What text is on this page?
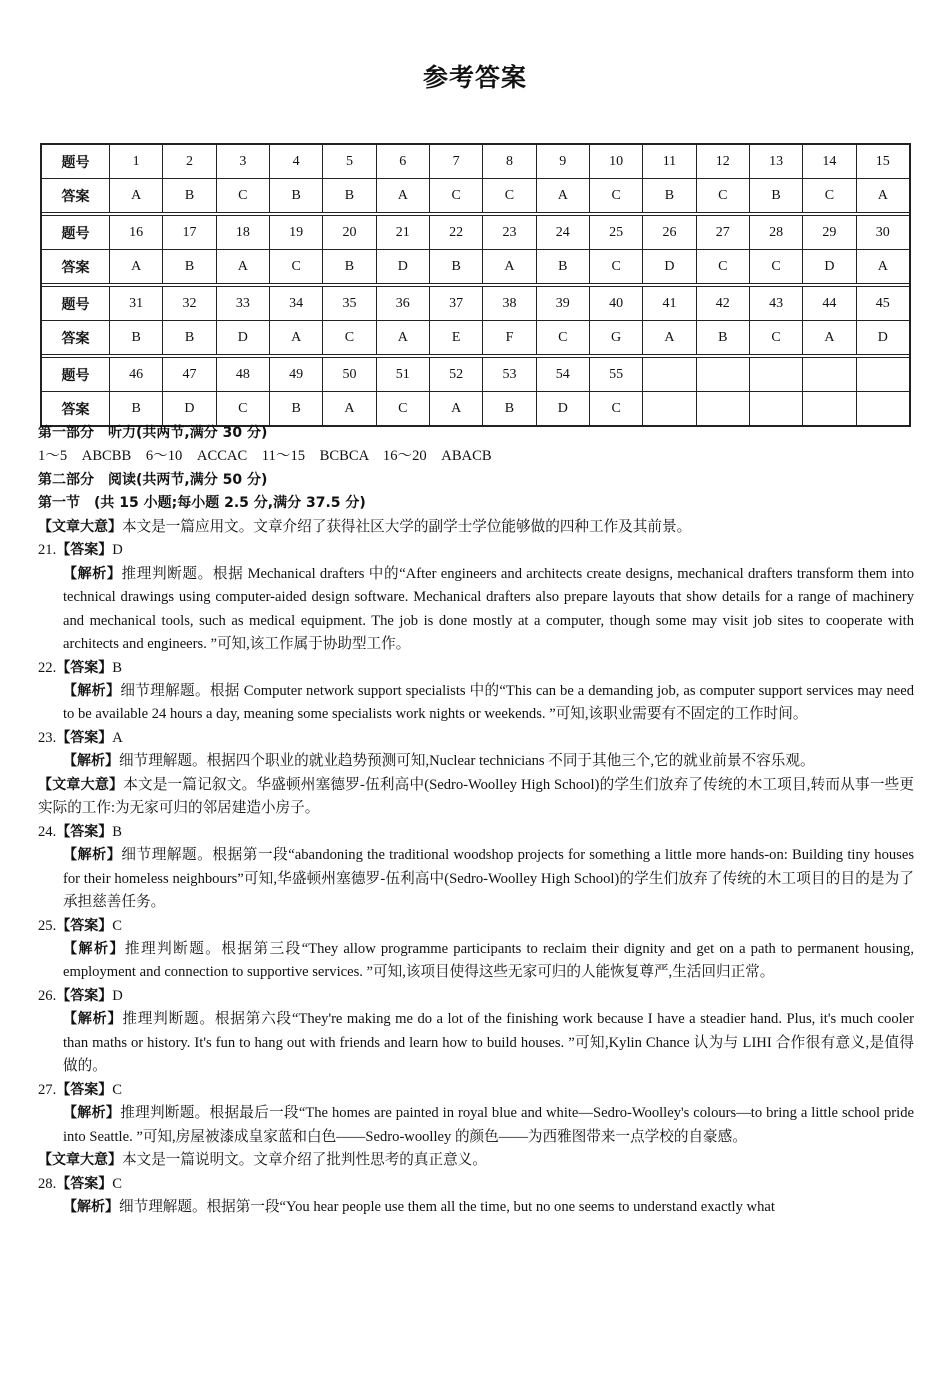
参考答案
题号	1	2	3	4	5	6	7	8	9	10	11	12	13	14	15
答案	A	B	C	B	B	A	C	C	A	C	B	C	B	C	A
题号	16	17	18	19	20	21	22	23	24	25	26	27	28	29	30
答案	A	B	A	C	B	D	B	A	B	C	D	C	C	D	A
题号	31	32	33	34	35	36	37	38	39	40	41	42	43	44	45
答案	B	B	D	A	C	A	E	F	C	G	A	B	C	A	D
题号	46	47	48	49	50	51	52	53	54	55
答案	B	D	C	B	A	C	A	B	D	C

第一部分　听力(共两节,满分 30 分)

1～5　ABCBB　6～10　ACCAC　11～15　BCBCA　16～20　ABACB

第二部分　阅读(共两节,满分 50 分)

第一节　(共 15 小题;每小题 2.5 分,满分 37.5 分)

【文章大意】本文是一篇应用文。文章介绍了获得社区大学的副学士学位能够做的四种工作及其前景。

21.【答案】D

【解析】推理判断题。根据 Mechanical drafters 中的“After engineers and architects create designs, mechanical drafters transform them into technical drawings using computer-aided design software. Mechanical drafters also prepare layouts that show details for a range of machinery and mechanical tools, such as medical equipment. The job is done mostly at a computer, though some may visit job sites to cooperate with architects and engineers. ”可知,该工作属于协助型工作。

22.【答案】B

【解析】细节理解题。根据 Computer network support specialists 中的“This can be a demanding job, as computer support services may need to be available 24 hours a day, meaning some specialists work nights or weekends. ”可知,该职业需要有不固定的工作时间。

23.【答案】A

【解析】细节理解题。根据四个职业的就业趋势预测可知,Nuclear technicians 不同于其他三个,它的就业前景不容乐观。

【文章大意】本文是一篇记叙文。华盛顿州塞德罗-伍利高中(Sedro-Woolley High School)的学生们放弃了传统的木工项目,转而从事一些更实际的工作:为无家可归的邻居建造小房子。

24.【答案】B

【解析】细节理解题。根据第一段“abandoning the traditional woodshop projects for something a little more hands-on: Building tiny houses for their homeless neighbours”可知,华盛顿州塞德罗-伍利高中(Sedro-Woolley High School)的学生们放弃了传统的木工项目的目的是为了承担慈善任务。

25.【答案】C

【解析】推理判断题。根据第三段“They allow programme participants to reclaim their dignity and get on a path to permanent housing, employment and connection to supportive services. ”可知,该项目使得这些无家可归的人能恢复尊严,生活回归正常。

26.【答案】D

【解析】推理判断题。根据第六段“They're making me do a lot of the finishing work because I have a steadier hand. Plus, it's much cooler than maths or history. It's fun to hang out with friends and learn how to build houses. ”可知,Kylin Chance 认为与 LIHI 合作很有意义,是值得做的。

27.【答案】C

【解析】推理判断题。根据最后一段“The homes are painted in royal blue and white—Sedro-Woolley's colours—to bring a little school pride into Seattle. ”可知,房屋被漆成皇家蓝和白色——Sedro-woolley 的颜色——为西雅图带来一点学校的自豪感。

【文章大意】本文是一篇说明文。文章介绍了批判性思考的真正意义。

28.【答案】C

【解析】细节理解题。根据第一段“You hear people use them all the time, but no one seems to understand exactly what
